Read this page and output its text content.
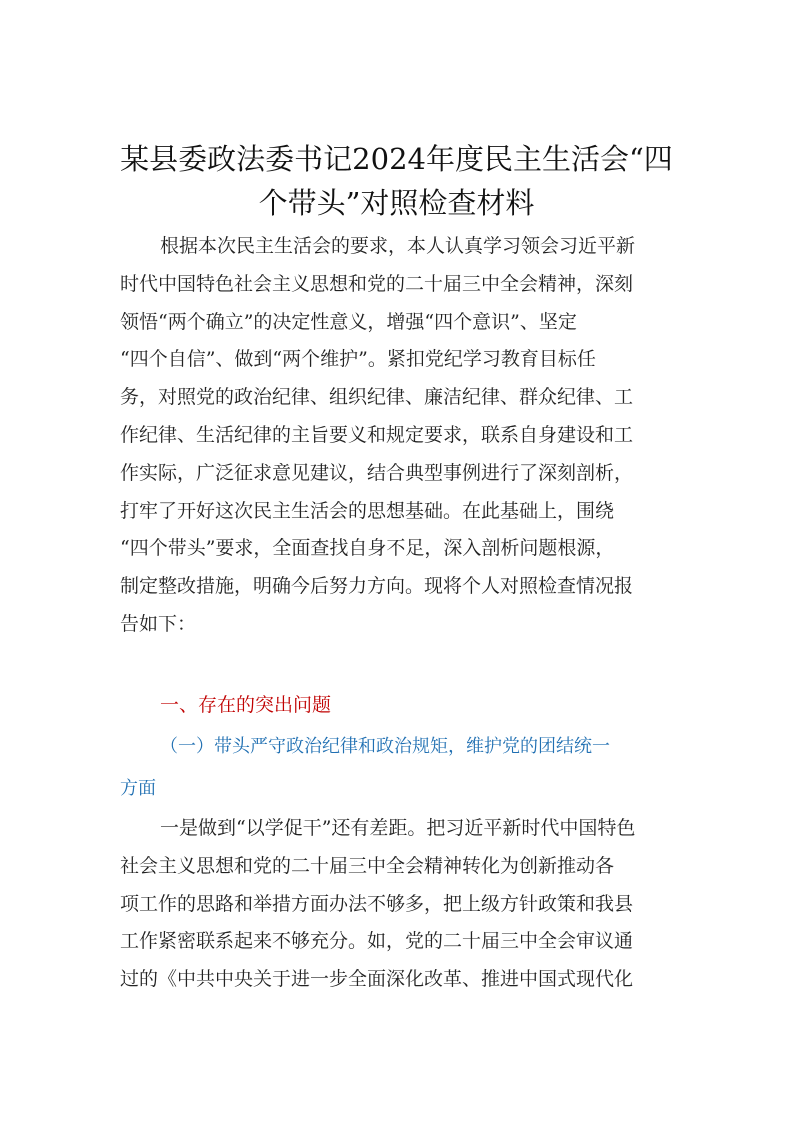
某县委政法委书记2024年度民主生活会“四
个带头”对照检查材料
根据本次民主生活会的要求，本人认真学习领会习近平新
时代中国特色社会主义思想和党的二十届三中全会精神，深刻
领悟“两个确立”的决定性意义，增强“四个意识”、坚定
“四个自信”、做到“两个维护”。紧扣党纪学习教育目标任
务，对照党的政治纪律、组织纪律、廉洁纪律、群众纪律、工
作纪律、生活纪律的主旨要义和规定要求，联系自身建设和工
作实际，广泛征求意见建议，结合典型事例进行了深刻剖析，
打牢了开好这次民主生活会的思想基础。在此基础上，围绕
“四个带头”要求，全面查找自身不足，深入剖析问题根源，
制定整改措施，明确今后努力方向。现将个人对照检查情况报
告如下：
一、存在的突出问题
（一）带头严守政治纪律和政治规矩，维护党的团结统一
方面
一是做到“以学促干”还有差距。把习近平新时代中国特色
社会主义思想和党的二十届三中全会精神转化为创新推动各
项工作的思路和举措方面办法不够多，把上级方针政策和我县
工作紧密联系起来不够充分。如，党的二十届三中全会审议通
过的《中共中央关于进一步全面深化改革、推进中国式现代化
